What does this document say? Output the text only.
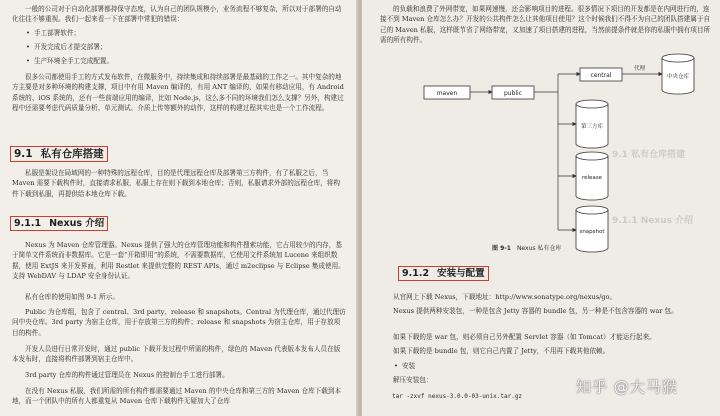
一般的公司对于自动化部署都持保守态度，认为自己的团队规模小，业务流程不够复杂，所以对于部署的自动化往往不够重视。我们一起来看一下在部署中常犯的错误：
• 手工部署软件；
• 开发完成后才提交部署；
• 生产环境全手工完成配置。
很多公司都使用手工的方式发布软件，在微服务中，持续集成和持续部署是最基础的工作之一。其中复杂的地方主要是对多种环境的构建支撑，项目中有用 Maven 编译的，有用 ANT 编译的，如果有移动应用，有 Android 系统的、iOS 系统的，还有一些前端应用的编译，比如 Node.js，这么多不同的环境我们怎么支撑？另外，构建过程中还需要考虑代码质量分析、单元测试、介质上传等额外的动作，这样的构建过程其实也是一个工作流程。
9.1 私有仓库搭建
私服是架设在局域网的一种特殊的远程仓库，目的是代理远程仓库及部署第三方构件，有了私服之后，当 Maven 需要下载构件时，直接请求私服，私服上存在则下载到本地仓库；否则，私服请求外部的远程仓库，将构件下载到私服，再提供给本地仓库下载。
9.1.1 Nexus 介绍
Nexus 为 Maven 仓库管理器。Nexus 提供了强大的仓库管理功能和构件搜索功能，它占用较少的内存，基于简单文件系统而非数据库。它是一套“开箱即用”的系统，不需要数据库，它使用文件系统加 Lucene 来组织数据，使用 ExtJS 来开发界面，利用 Restlet 来提供完整的 REST APIs，通过 m2eclipse 与 Eclipse 集成使用。支持 WebDAV 与 LDAP 安全身份认证。
私有仓库的使用如图 9-1 所示。
Public 为仓库组，包含了 central、3rd party、release 和 snapshots。Central 为代理仓库，通过代理访问中央仓库。3rd party 为宿主仓库，用于存放第三方的构件；release 和 snapshots 为宿主仓库，用于存放项目的构件。
开发人员进行日常开发时，通过 public 下载开发过程中所需的构件，绿色的 Maven 代表版本发布人员在版本发布时，直接将构件部署到宿主仓库中。
3rd party 仓库的构件通过管理员在 Nexus 的控制台手工进行部署。
在没有 Nexus 私服，我们所需的所有构件都需要通过 Maven 的中央仓库和第三方的 Maven 仓库下载到本地，而一个团队中的所有人都重复从 Maven 仓库下载构件无疑加大了仓库
的负载和浪费了外网带宽，如果网速慢，还会影响项目的进程。很多情况下项目的开发都是在内网进行的，连接不到 Maven 仓库怎么办？开发的公共构件怎么让其他项目使用？这个时候我们不得不为自己的团队搭建属于自己的 Maven 私服，这样既节省了网络带宽，又加速了项目搭建的进程，当然前提条件就是你的私服中拥有项目所需的所有构件。
9.1 私有仓库搭建
9.1.1 Nexus 介绍
maven	public
central
代理
中央仓库
第三方库
release
snapshot
图 9-1 Nexus 私有仓库
9.1.2 安装与配置
从官网上下载 Nexus，下载地址：http://www.sonatype.org/nexus/go。
Nexus 提供两种安装包，一种是包含 Jetty 容器的 bundle 包，另一种是不包含容器的 war 包。
如果下载的是 war 包，则必须自己另外配置 Servlet 容器（如 Tomcat）才能运行起来。
如果下载的是 bundle 包，则它自己内置了 Jetty，不用再下载其他依赖。
• 安装
解压安装包：
tar -zxvf nexus-3.0.0-03-unix.tar.gz
知乎 @大马猴
